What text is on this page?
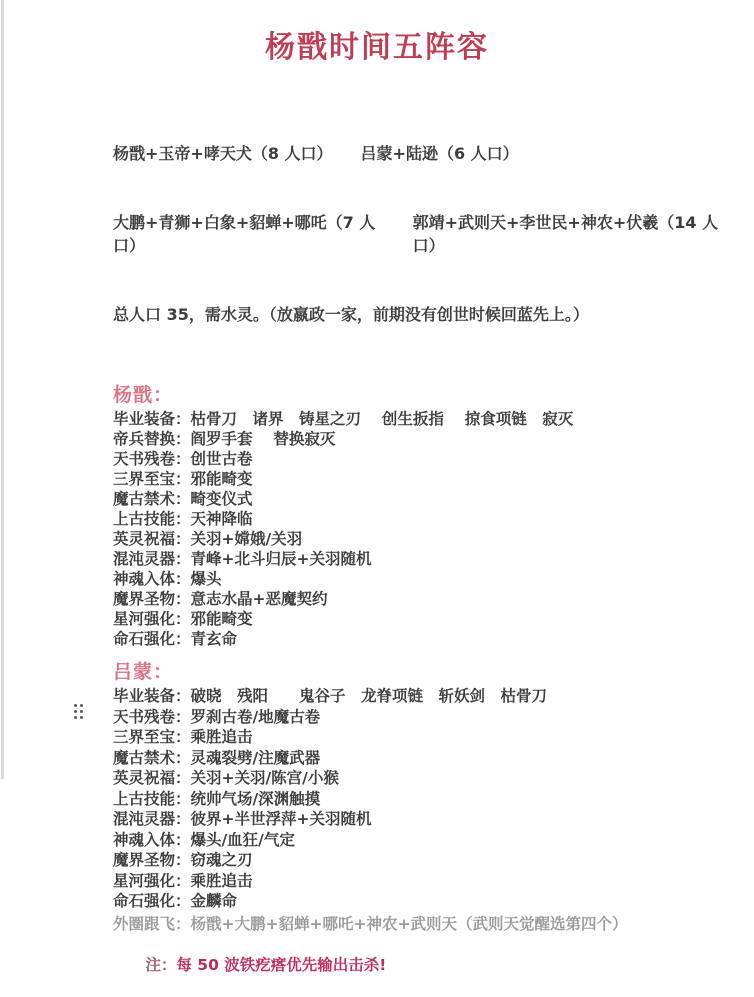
杨戬时间五阵容

杨戬+玉帝+哮天犬（8 人口） 吕蒙+陆逊（6 人口）

大鹏+青狮+白象+貂蝉+哪吒（7 人口）
郭靖+武则天+李世民+神农+伏羲（14 人口）

总人口 35，需水灵。（放嬴政一家，前期没有创世时候回蓝先上。）

杨戬：
毕业装备：枯骨刀　诸界　铸星之刃　 创生扳指　 掠食项链　寂灭
帝兵替换：阎罗手套　 替换寂灭
天书残卷：创世古卷
三界至宝：邪能畸变
魔古禁术：畸变仪式
上古技能：天神降临
英灵祝福：关羽+嫦娥/关羽
混沌灵器：青峰+北斗归辰+关羽随机
神魂入体：爆头
魔界圣物：意志水晶+恶魔契约
星河强化：邪能畸变
命石强化：青玄命
吕蒙：
毕业装备：破晓　残阳　　鬼谷子　龙脊项链　斩妖剑　枯骨刀
天书残卷：罗刹古卷/地魔古卷
三界至宝：乘胜追击
魔古禁术：灵魂裂劈/注魔武器
英灵祝福：关羽+关羽/陈宫/小猴
上古技能：统帅气场/深渊触摸
混沌灵器：彼界+半世浮萍+关羽随机
神魂入体：爆头/血狂/气定
魔界圣物：窃魂之刃
星河强化：乘胜追击
命石强化：金麟命
外圈跟飞：杨戬+大鹏+貂蝉+哪吒+神农+武则天（武则天觉醒选第四个）

注：每 50 波铁疙瘩优先输出击杀!
